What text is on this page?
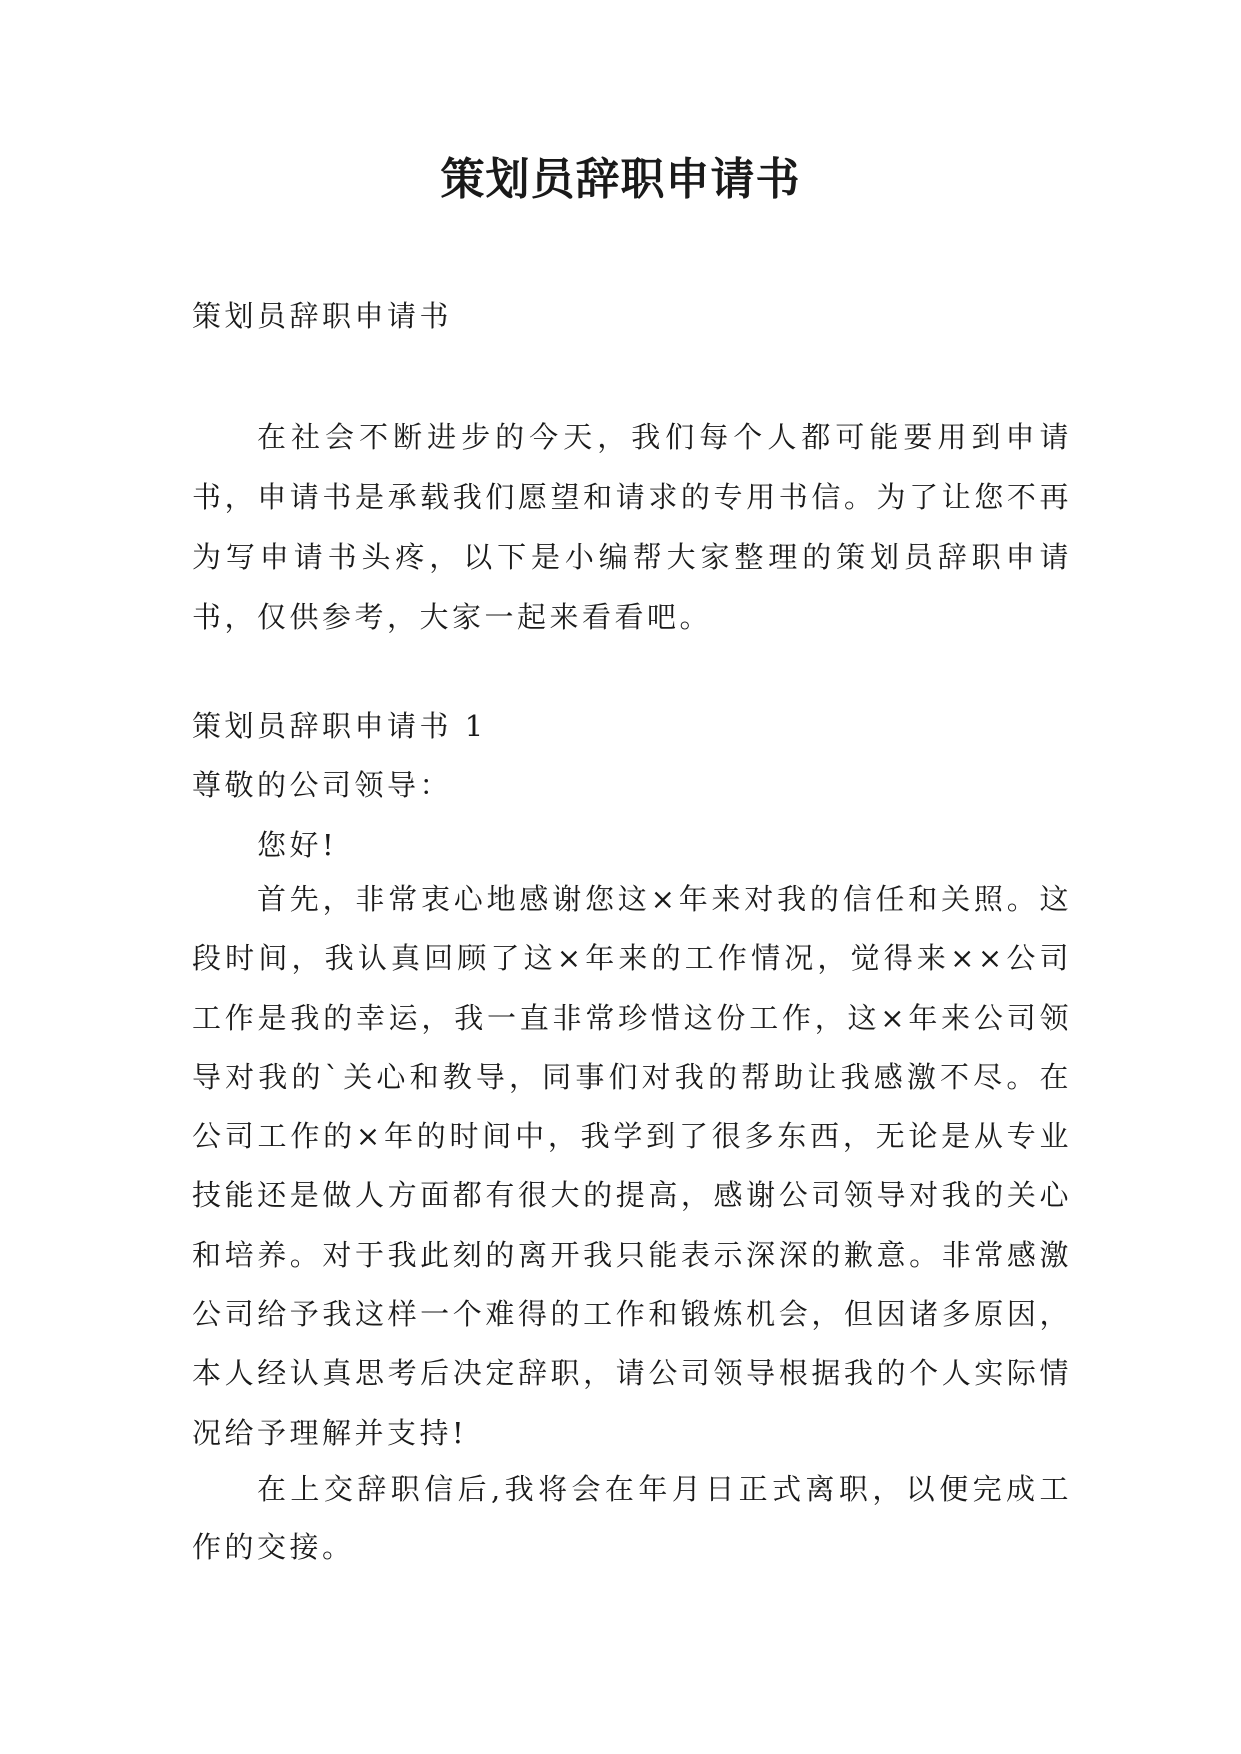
策划员辞职申请书

策划员辞职申请书

在社会不断进步的今天，我们每个人都可能要用到申请书，申请书是承载我们愿望和请求的专用书信。为了让您不再为写申请书头疼，以下是小编帮大家整理的策划员辞职申请书，仅供参考，大家一起来看看吧。

策划员辞职申请书 1

尊敬的公司领导：

您好!

首先，非常衷心地感谢您这×年来对我的信任和关照。这段时间，我认真回顾了这×年来的工作情况，觉得来××公司工作是我的幸运，我一直非常珍惜这份工作，这×年来公司领导对我的`关心和教导，同事们对我的帮助让我感激不尽。在公司工作的×年的时间中，我学到了很多东西，无论是从专业技能还是做人方面都有很大的提高，感谢公司领导对我的关心和培养。对于我此刻的离开我只能表示深深的歉意。非常感激公司给予我这样一个难得的工作和锻炼机会，但因诸多原因，本人经认真思考后决定辞职，请公司领导根据我的个人实际情况给予理解并支持!

在上交辞职信后,我将会在年月日正式离职，以便完成工作的交接。
